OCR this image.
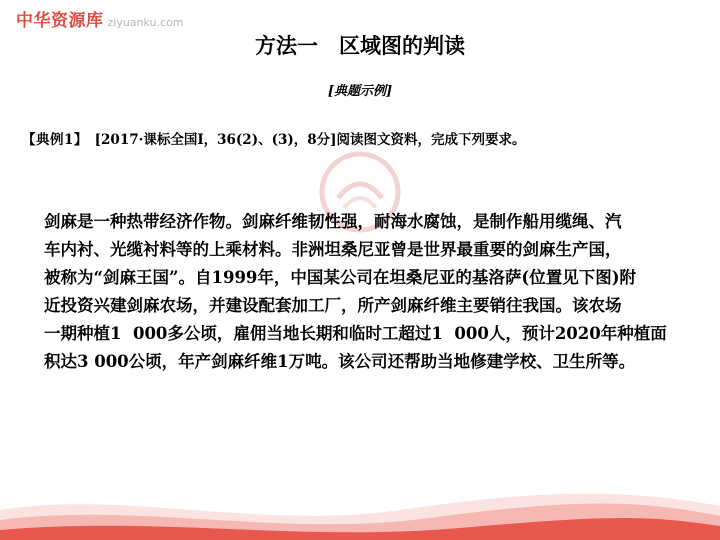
中华资源库 ziyuanku.com
方法一　区域图的判读
[典题示例]
【典例1】　[2017·课标全国Ⅰ，36(2)、(3)，8分]阅读图文资料，完成下列要求。
剑麻是一种热带经济作物。剑麻纤维韧性强，耐海水腐蚀，是制作船用缆绳、汽
车内衬、光缆衬料等的上乘材料。非洲坦桑尼亚曾是世界最重要的剑麻生产国，
被称为“剑麻王国”。自1999年，中国某公司在坦桑尼亚的基洛萨(位置见下图)附
近投资兴建剑麻农场，并建设配套加工厂，所产剑麻纤维主要销往我国。该农场
一期种植1  000多公顷，雇佣当地长期和临时工超过1  000人，预计2020年种植面
积达3 000公顷，年产剑麻纤维1万吨。该公司还帮助当地修建学校、卫生所等。
